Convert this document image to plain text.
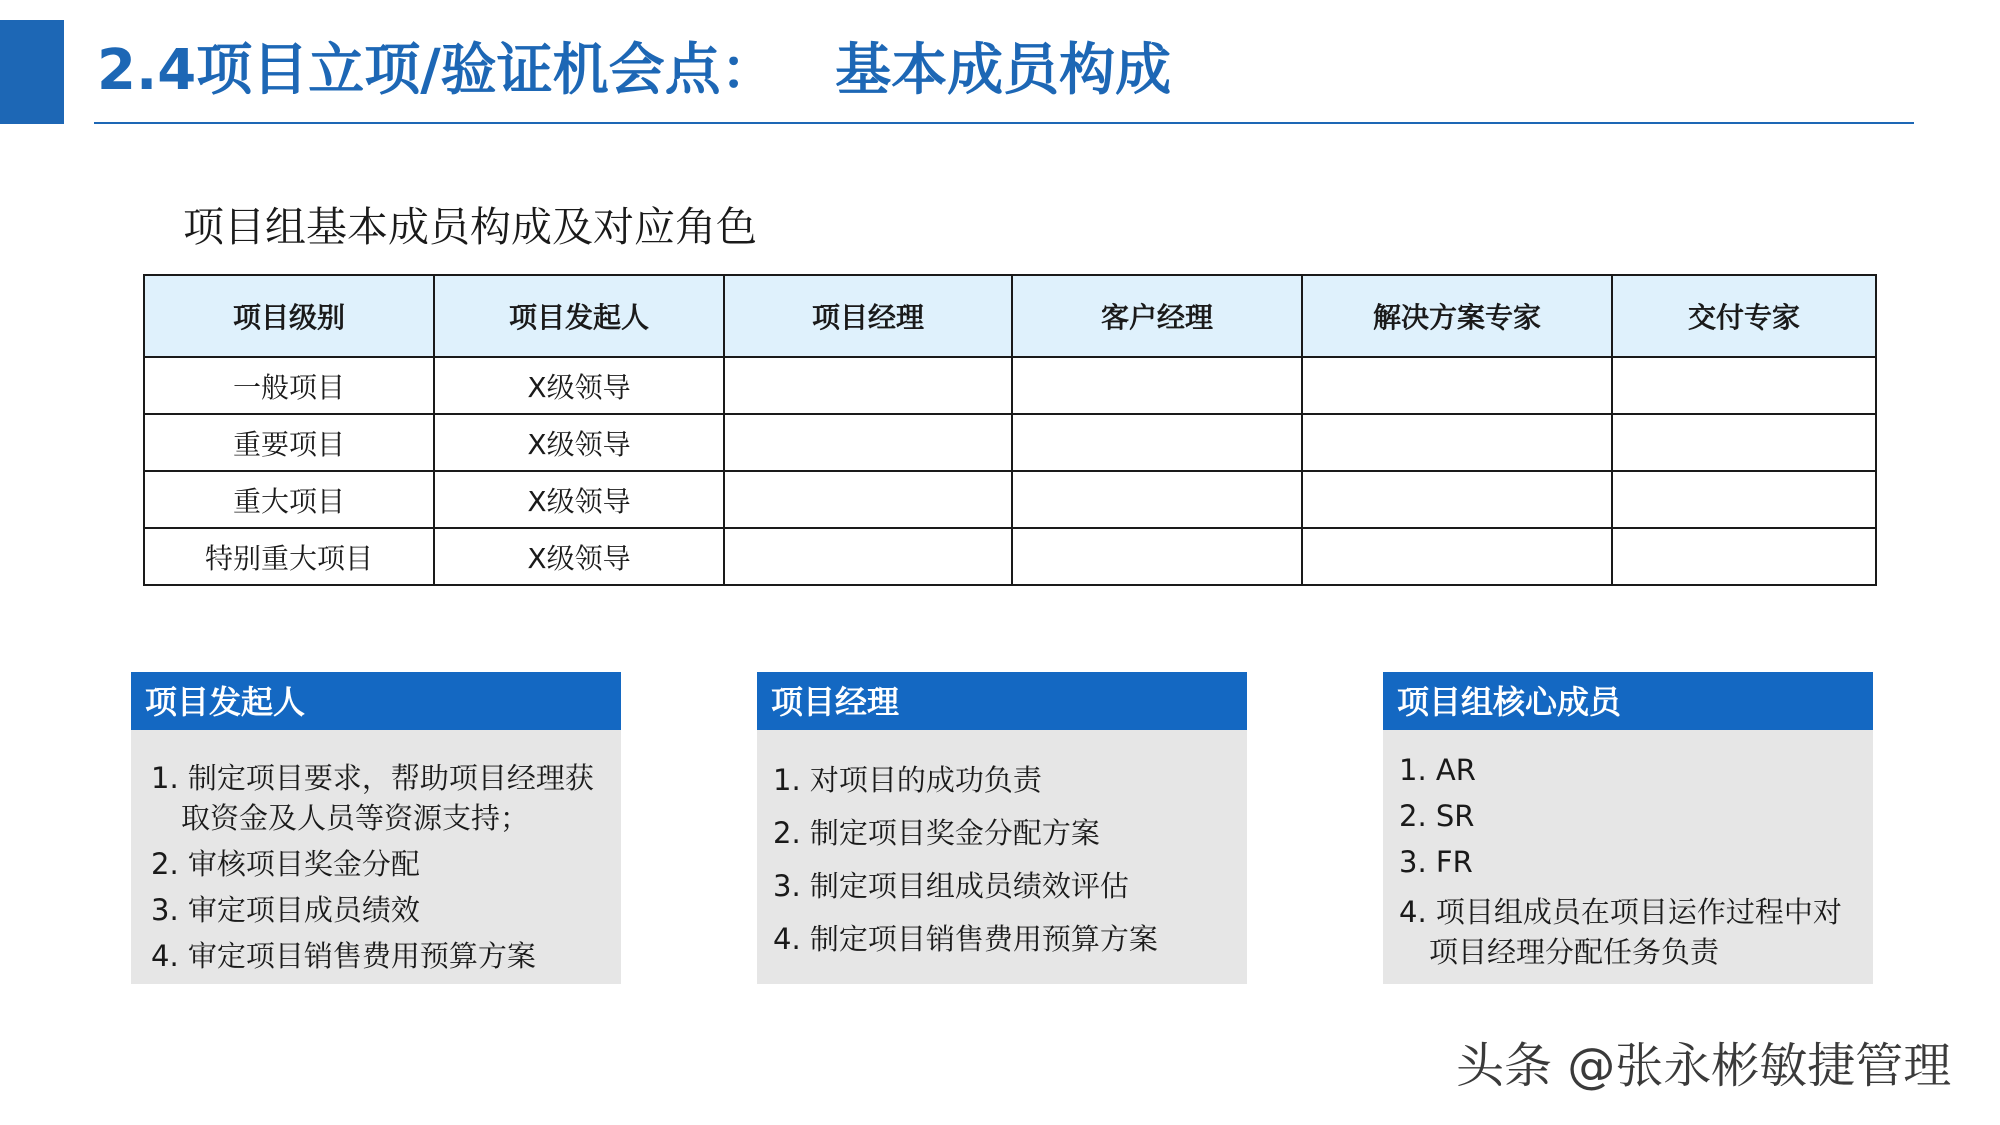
2.4项目立项/验证机会点：   基本成员构成
项目组基本成员构成及对应角色
项目级别	项目发起人	项目经理	客户经理	解决方案专家	交付专家
一般项目	X级领导				
重要项目	X级领导				
重大项目	X级领导				
特别重大项目	X级领导				
项目发起人
1. 制定项目要求，帮助项目经理获取资金及人员等资源支持；
2. 审核项目奖金分配
3. 审定项目成员绩效
4. 审定项目销售费用预算方案
项目经理
1. 对项目的成功负责
2. 制定项目奖金分配方案
3. 制定项目组成员绩效评估
4. 制定项目销售费用预算方案
项目组核心成员
1. AR
2. SR
3. FR
4. 项目组成员在项目运作过程中对项目经理分配任务负责
头条 @张永彬敏捷管理
